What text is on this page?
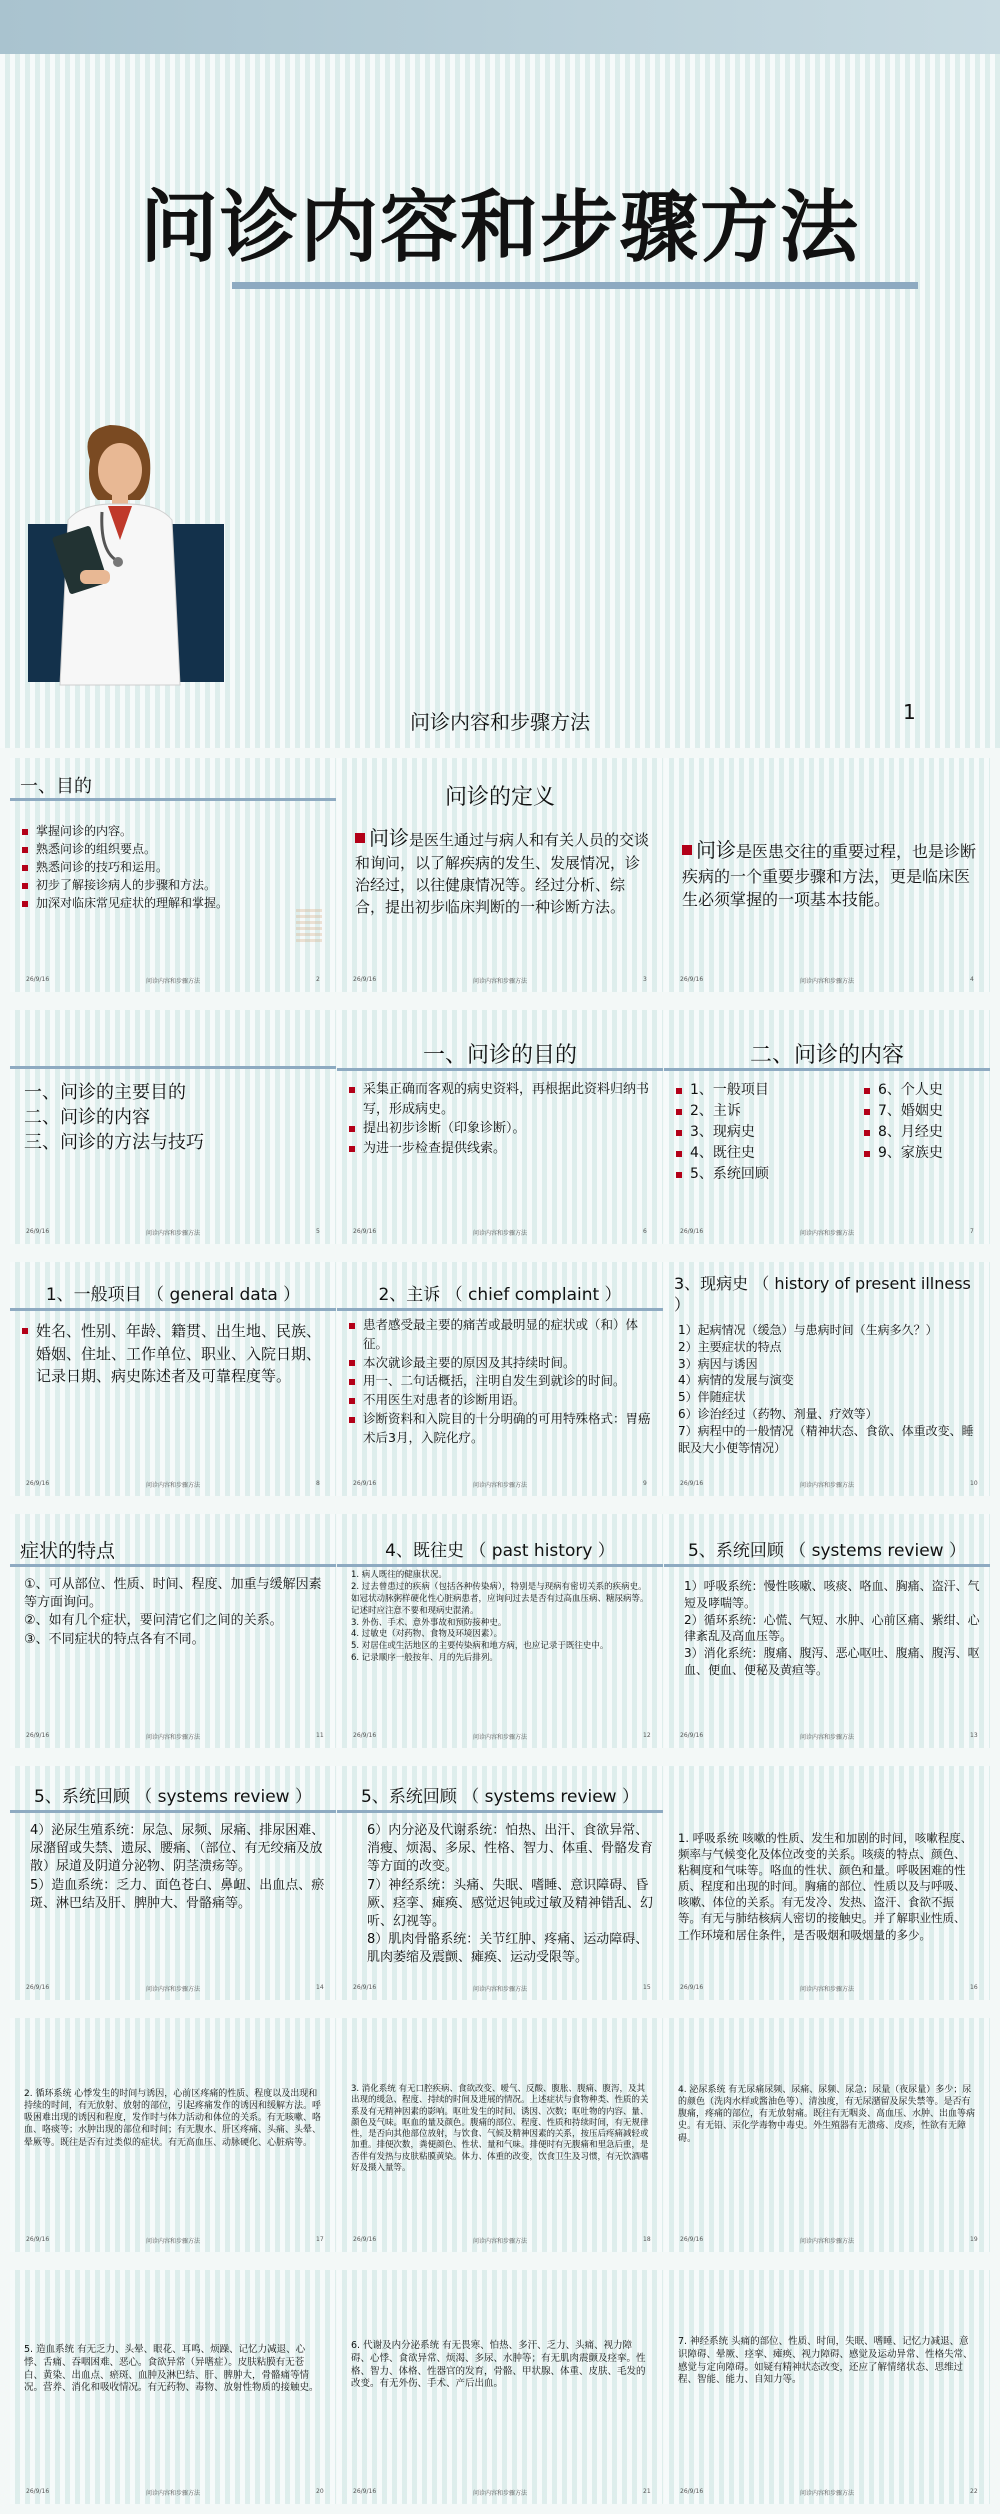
问诊内容和步骤方法
问诊内容和步骤方法	1
一、目的
掌握问诊的内容。
熟悉问诊的组织要点。
熟悉问诊的技巧和运用。
初步了解接诊病人的步骤和方法。
加深对临床常见症状的理解和掌握。
26/9/16	问诊内容和步骤方法	2
问诊的定义
问诊是医生通过与病人和有关人员的交谈和询问，以了解疾病的发生、发展情况，诊治经过，以往健康情况等。经过分析、综合，提出初步临床判断的一种诊断方法。
26/9/16	问诊内容和步骤方法	3
问诊是医患交往的重要过程，也是诊断疾病的一个重要步骤和方法，更是临床医生必须掌握的一项基本技能。
26/9/16	问诊内容和步骤方法	4
一、问诊的主要目的
二、问诊的内容
三、问诊的方法与技巧
26/9/16	问诊内容和步骤方法	5
一、问诊的目的
采集正确而客观的病史资料，再根据此资料归纳书写，形成病史。
提出初步诊断（印象诊断）。
为进一步检查提供线索。
26/9/16	问诊内容和步骤方法	6
二、问诊的内容
1、一般项目
2、主诉
3、现病史
4、既往史
5、系统回顾
6、个人史
7、婚姻史
8、月经史
9、家族史
26/9/16	问诊内容和步骤方法	7
1、一般项目 （ general data ）
姓名、性别、年龄、籍贯、出生地、民族、婚姻、住址、工作单位、职业、入院日期、记录日期、病史陈述者及可靠程度等。
26/9/16	问诊内容和步骤方法	8
2、主诉 （ chief complaint ）
患者感受最主要的痛苦或最明显的症状或（和）体征。
本次就诊最主要的原因及其持续时间。
用一、二句话概括，注明自发生到就诊的时间。
不用医生对患者的诊断用语。
诊断资料和入院目的十分明确的可用特殊格式：胃癌术后3月，入院化疗。
26/9/16	问诊内容和步骤方法	9
3、现病史 （ history of present illness ）
1）起病情况（缓急）与患病时间（生病多久？）
2）主要症状的特点
3）病因与诱因
4）病情的发展与演变
5）伴随症状
6）诊治经过（药物、剂量、疗效等）
7）病程中的一般情况（精神状态、食欲、体重改变、睡眠及大小便等情况）
26/9/16	问诊内容和步骤方法	10
症状的特点
①、可从部位、性质、时间、程度、加重与缓解因素等方面询问。
②、如有几个症状，要问清它们之间的关系。
③、不同症状的特点各有不同。
26/9/16	问诊内容和步骤方法	11
4、既往史 （ past history ）
1. 病人既往的健康状况。
2. 过去曾患过的疾病（包括各种传染病），特别是与现病有密切关系的疾病史。如冠状动脉粥样硬化性心脏病患者，应询问过去是否有过高血压病、糖尿病等。记述时应注意不要和现病史混淆。
3. 外伤、手术、意外事故和预防接种史。
4. 过敏史（对药物、食物及环境因素）。
5. 对居住或生活地区的主要传染病和地方病，也应记录于既往史中。
6. 记录顺序一般按年、月的先后排列。
26/9/16	问诊内容和步骤方法	12
5、系统回顾 （ systems review ）
1）呼吸系统：慢性咳嗽、咳痰、咯血、胸痛、盗汗、气短及哮喘等。
2）循环系统：心慌、气短、水肿、心前区痛、紫绀、心律紊乱及高血压等。
3）消化系统：腹痛、腹泻、恶心呕吐、腹痛、腹泻、呕血、便血、便秘及黄疸等。
26/9/16	问诊内容和步骤方法	13
5、系统回顾 （ systems review ）
4）泌尿生殖系统：尿急、尿频、尿痛、排尿困难、尿潴留或失禁、遗尿、腰痛、（部位、有无绞痛及放散）尿道及阴道分泌物、阴茎溃疡等。
5）造血系统：乏力、面色苍白、鼻衄、出血点、瘀斑、淋巴结及肝、脾肿大、骨骼痛等。
26/9/16	问诊内容和步骤方法	14
5、系统回顾 （ systems review ）
6）内分泌及代谢系统：怕热、出汗、食欲异常、消瘦、烦渴、多尿、性格、智力、体重、骨骼发育等方面的改变。
7）神经系统：头痛、失眠、嗜睡、意识障碍、昏厥、痉挛、瘫痪、感觉迟钝或过敏及精神错乱、幻听、幻视等。
8）肌肉骨骼系统：关节红肿、疼痛、运动障碍、肌肉萎缩及震颤、瘫痪、运动受限等。
26/9/16	问诊内容和步骤方法	15
1. 呼吸系统 咳嗽的性质、发生和加剧的时间，咳嗽程度、频率与气候变化及体位改变的关系。咳痰的特点、颜色、粘稠度和气味等。咯血的性状、颜色和量。呼吸困难的性质、程度和出现的时间。胸痛的部位、性质以及与呼吸、咳嗽、体位的关系。有无发冷、发热、盗汗、食欲不振等。有无与肺结核病人密切的接触史。并了解职业性质、工作环境和居住条件，是否吸烟和吸烟量的多少。
26/9/16	问诊内容和步骤方法	16
2. 循环系统 心悸发生的时间与诱因，心前区疼痛的性质、程度以及出现和持续的时间，有无放射、放射的部位，引起疼痛发作的诱因和缓解方法。呼吸困难出现的诱因和程度，发作时与体力活动和体位的关系。有无咳嗽、咯血、咯痰等；水肿出现的部位和时间；有无腹水、肝区疼痛、头痛、头晕、晕厥等。既往是否有过类似的症状。有无高血压、动脉硬化、心脏病等。
26/9/16	问诊内容和步骤方法	17
3. 消化系统 有无口腔疾病、食欲改变、嗳气、反酸、腹胀、腹痛、腹泻，及其出现的缓急、程度、持续的时间及进展的情况。上述症状与食物种类、性质的关系及有无精神因素的影响。呕吐发生的时间、诱因、次数；呕吐物的内容、量、颜色及气味。呕血的量及颜色。腹痛的部位、程度、性质和持续时间，有无规律性，是否向其他部位放射，与饮食、气候及精神因素的关系，按压后疼痛减轻或加重。排便次数，粪便颜色、性状、量和气味。排便时有无腹痛和里急后重，是否伴有发热与皮肤粘膜黄染。体力、体重的改变，饮食卫生及习惯，有无饮酒嗜好及摄入量等。
26/9/16	问诊内容和步骤方法	18
4. 泌尿系统 有无尿痛尿频、尿痛、尿频、尿急；尿量（夜尿量）多少；尿的颜色（洗肉水样或酱油色等）、清浊度，有无尿潴留及尿失禁等。是否有腹痛，疼痛的部位，有无放射痛。既往有无咽炎、高血压、水肿、出血等病史。有无铅、汞化学毒物中毒史。外生殖器有无溃疡、皮疹，性欲有无障碍。
26/9/16	问诊内容和步骤方法	19
5. 造血系统 有无乏力、头晕、眼花、耳鸣、烦躁、记忆力减退、心悸、舌痛、吞咽困难、恶心。食欲异常（异嗜症）。皮肤粘膜有无苍白、黄染、出血点、瘀斑、血肿及淋巴结、肝、脾肿大，骨骼痛等情况。营养、消化和吸收情况。有无药物、毒物、放射性物质的接触史。
26/9/16	问诊内容和步骤方法	20
6. 代谢及内分泌系统 有无畏寒、怕热、多汗、乏力、头痛、视力障碍、心悸、食欲异常、烦渴、多尿、水肿等；有无肌肉震颤及痉挛。性格、智力、体格、性器官的发育，骨骼、甲状腺、体重、皮肤、毛发的改变。有无外伤、手术、产后出血。
26/9/16	问诊内容和步骤方法	21
7. 神经系统 头痛的部位、性质、时间，失眠、嗜睡、记忆力减退、意识障碍、晕厥、痉挛、瘫痪、视力障碍、感觉及运动异常、性格失常、感觉与定向障碍。如疑有精神状态改变，还应了解情绪状态、思维过程、智能、能力、自知力等。
26/9/16	问诊内容和步骤方法	22
